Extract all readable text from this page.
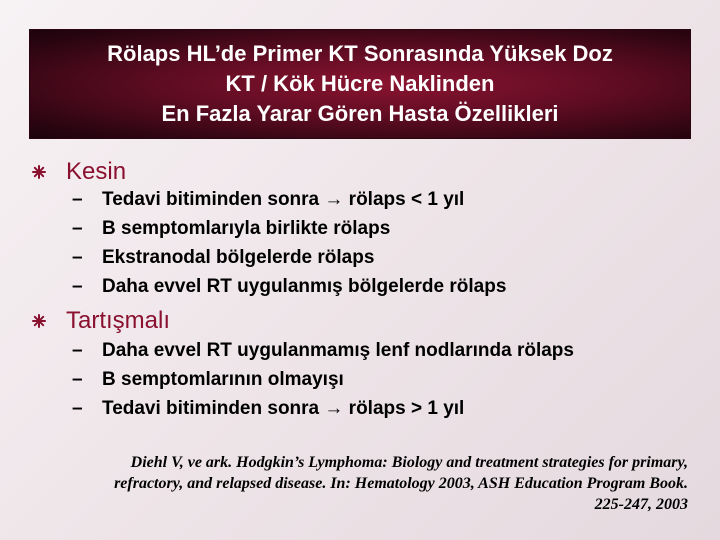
Rölaps HL’de Primer KT Sonrasında Yüksek Doz
KT / Kök Hücre Naklinden
En Fazla Yarar Gören Hasta Özellikleri
Kesin
–	Tedavi bitiminden sonra → rölaps < 1 yıl
–	B semptomlarıyla birlikte rölaps
–	Ekstranodal bölgelerde rölaps
–	Daha evvel RT uygulanmış bölgelerde rölaps
Tartışmalı
–	Daha evvel RT uygulanmamış lenf nodlarında rölaps
–	B semptomlarının olmayışı
–	Tedavi bitiminden sonra → rölaps > 1 yıl
Diehl V, ve ark. Hodgkin’s Lymphoma: Biology and treatment strategies for primary,
refractory, and relapsed disease. In: Hematology 2003, ASH Education Program Book.
225-247, 2003
